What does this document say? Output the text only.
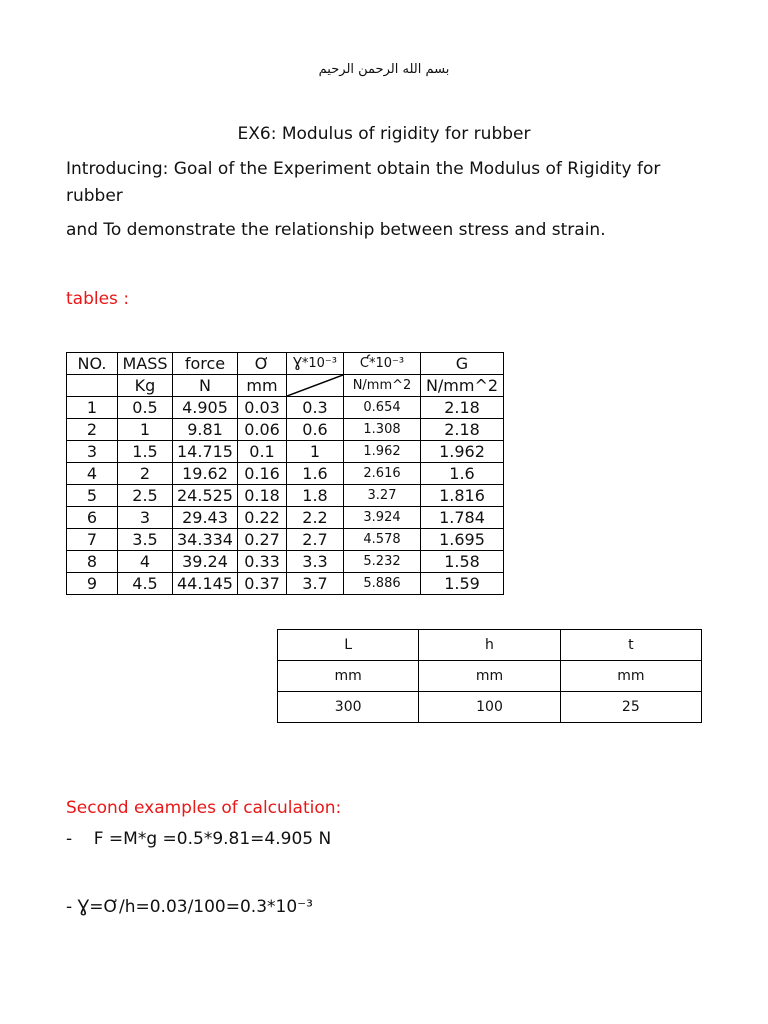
بسم الله الرحمن الرحيم
EX6: Modulus of rigidity for rubber
Introducing: Goal of the Experiment obtain the Modulus of Rigidity for
rubber
and To demonstrate the relationship between stress and strain.
tables :
NO.	MASS	force	Ơ	Ɣ*10⁻³	Ƈ*10⁻³	G
	Kg	N	mm		N/mm^2	N/mm^2
1	0.5	4.905	0.03	0.3	0.654	2.18
2	1	9.81	0.06	0.6	1.308	2.18
3	1.5	14.715	0.1	1	1.962	1.962
4	2	19.62	0.16	1.6	2.616	1.6
5	2.5	24.525	0.18	1.8	3.27	1.816
6	3	29.43	0.22	2.2	3.924	1.784
7	3.5	34.334	0.27	2.7	4.578	1.695
8	4	39.24	0.33	3.3	5.232	1.58
9	4.5	44.145	0.37	3.7	5.886	1.59
L	h	t
mm	mm	mm
300	100	25
Second examples of calculation:
-    F =M*g =0.5*9.81=4.905 N
- Ɣ=Ơ/h=0.03/100=0.3*10⁻³
